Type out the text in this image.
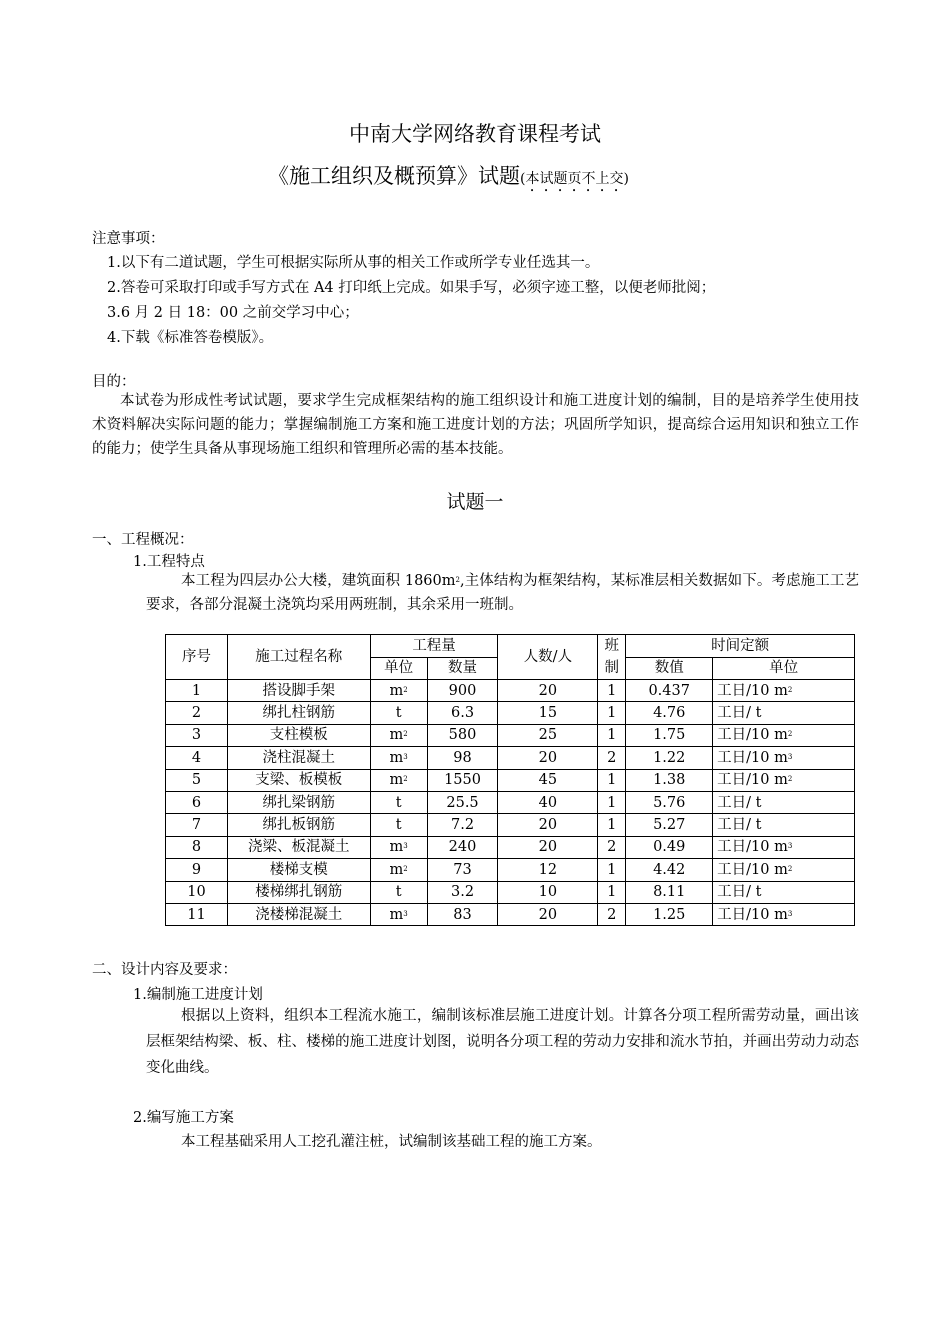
中南大学网络教育课程考试
《施工组织及概预算》试题(本试题页不上交)
注意事项：
1.以下有二道试题，学生可根据实际所从事的相关工作或所学专业任选其一。
2.答卷可采取打印或手写方式在 A4 打印纸上完成。如果手写，必须字迹工整，以便老师批阅；
3.6 月 2 日 18：00 之前交学习中心；
4.下载《标准答卷模版》。
目的：
本试卷为形成性考试试题，要求学生完成框架结构的施工组织设计和施工进度计划的编制，目的是培养学生使用技术资料解决实际问题的能力；掌握编制施工方案和施工进度计划的方法；巩固所学知识，提高综合运用知识和独立工作的能力；使学生具备从事现场施工组织和管理所必需的基本技能。
试题一
一、工程概况：
1.工程特点
本工程为四层办公大楼，建筑面积 $1860m^2$,主体结构为框架结构，某标准层相关数据如下。考虑施工工艺要求，各部分混凝土浇筑均采用两班制，其余采用一班制。
序号	施工过程名称	工程量		人数/人	班制	时间定额	
		单位	数量			数值	单位
1	搭设脚手架	$m^2$	900	20	1	0.437	工日/10 $m^2$
2	绑扎柱钢筋	t	6.3	15	1	4.76	工日/ t
3	支柱模板	$m^2$	580	25	1	1.75	工日/10 $m^2$
4	浇柱混凝土	$m^3$	98	20	2	1.22	工日/10 $m^3$
5	支梁、板模板	$m^2$	1550	45	1	1.38	工日/10 $m^2$
6	绑扎梁钢筋	t	25.5	40	1	5.76	工日/ t
7	绑扎板钢筋	t	7.2	20	1	5.27	工日/ t
8	浇梁、板混凝土	$m^3$	240	20	2	0.49	工日/10 $m^3$
9	楼梯支模	$m^2$	73	12	1	4.42	工日/10 $m^2$
10	楼梯绑扎钢筋	t	3.2	10	1	8.11	工日/ t
11	浇楼梯混凝土	$m^3$	83	20	2	1.25	工日/10 $m^3$
二、设计内容及要求：
1.编制施工进度计划
根据以上资料，组织本工程流水施工，编制该标准层施工进度计划。计算各分项工程所需劳动量，画出该层框架结构梁、板、柱、楼梯的施工进度计划图，说明各分项工程的劳动力安排和流水节拍，并画出劳动力动态变化曲线。
2.编写施工方案
本工程基础采用人工挖孔灌注桩，试编制该基础工程的施工方案。
